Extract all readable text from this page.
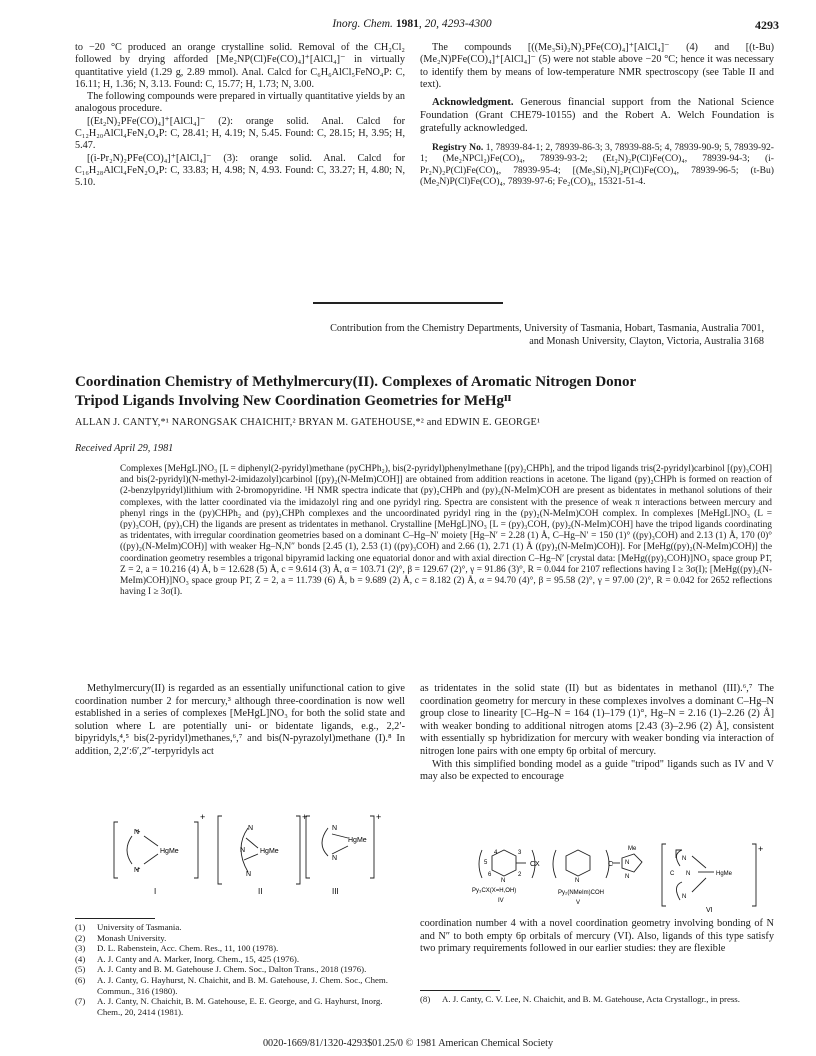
Inorg. Chem. 1981, 20, 4293-4300	4293

to −20 °C produced an orange crystalline solid. Removal of the CH₂Cl₂ followed by drying afforded [Me₂NP(Cl)Fe(CO)₄]⁺[AlCl₄]⁻ in virtually quantitative yield (1.29 g, 2.89 mmol). Anal. Calcd for C₆H₆AlCl₅FeNO₄P: C, 16.11; H, 1.36; N, 3.13. Found: C, 15.77; H, 1.73; N, 3.00.

The following compounds were prepared in virtually quantitative yields by an analogous procedure.

[(Et₂N)₂PFe(CO)₄]⁺[AlCl₄]⁻ (2): orange solid. Anal. Calcd for C₁₂H₂₀AlCl₄FeN₂O₄P: C, 28.41; H, 4.19; N, 5.45. Found: C, 28.15; H, 3.95; H, 5.47.

[(i-Pr₂N)₂PFe(CO)₄]⁺[AlCl₄]⁻ (3): orange solid. Anal. Calcd for C₁₆H₂₈AlCl₄FeN₂O₄P: C, 33.83; H, 4.98; N, 4.93. Found: C, 33.27; H, 4.80; N, 5.10.

The compounds [((Me₃Si)₂N)₂PFe(CO)₄]⁺[AlCl₄]⁻ (4) and [(t-Bu)(Me₂N)PFe(CO)₄]⁺[AlCl₄]⁻ (5) were not stable above −20 °C; hence it was necessary to identify them by means of low-temperature NMR spectroscopy (see Table II and text).

Acknowledgment. Generous financial support from the National Science Foundation (Grant CHE79-10155) and the Robert A. Welch Foundation is gratefully acknowledged.

Registry No. 1, 78939-84-1; 2, 78939-86-3; 3, 78939-88-5; 4, 78939-90-9; 5, 78939-92-1; (Me₂NPCl₂)Fe(CO)₄, 78939-93-2; (Et₂N)₂P(Cl)Fe(CO)₄, 78939-94-3; (i-Pr₂N)₂P(Cl)Fe(CO)₄, 78939-95-4; [(Me₃Si)₂N]₂P(Cl)Fe(CO)₄, 78939-96-5; (t-Bu)(Me₂N)P(Cl)Fe(CO)₄, 78939-97-6; Fe₂(CO)₉, 15321-51-4.

Contribution from the Chemistry Departments, University of Tasmania, Hobart, Tasmania, Australia 7001,
and Monash University, Clayton, Victoria, Australia 3168
Coordination Chemistry of Methylmercury(II). Complexes of Aromatic Nitrogen Donor
Tripod Ligands Involving New Coordination Geometries for MeHgᴵᴵ
ALLAN J. CANTY,*¹ NARONGSAK CHAICHIT,² BRYAN M. GATEHOUSE,*² and EDWIN E. GEORGE¹
Received April 29, 1981
Complexes [MeHgL]NO₃ [L = diphenyl(2-pyridyl)methane (pyCHPh₂), bis(2-pyridyl)phenylmethane [(py)₂CHPh], and the tripod ligands tris(2-pyridyl)carbinol [(py)₃COH] and bis(2-pyridyl)(N-methyl-2-imidazolyl)carbinol [(py)₂(N-MeIm)COH]] are obtained from addition reactions in acetone. The ligand (py)₂CHPh is formed on reaction of (2-benzylpyridyl)lithium with 2-bromopyridine. ¹H NMR spectra indicate that (py)₂CHPh and (py)₂(N-MeIm)COH are present as bidentates in methanol solutions of their complexes, with the latter coordinated via the imidazolyl ring and one pyridyl ring. Spectra are consistent with the presence of weak π interactions between mercury and phenyl rings in the (py)CHPh₂ and (py)₂CHPh complexes and the uncoordinated pyridyl ring in the (py)₂(N-MeIm)COH complex. In complexes [MeHgL]NO₃ (L = (py)₃COH, (py)₃CH) the ligands are present as tridentates in methanol. Crystalline [MeHgL]NO₃ [L = (py)₃COH, (py)₂(N-MeIm)COH] have the tripod ligands coordinating as tridentates, with irregular coordination geometries based on a dominant C–Hg–N′ moiety [Hg–N′ = 2.28 (1) Å, C–Hg–N′ = 150 (1)° ((py)₃COH) and 2.13 (1) Å, 170 (0)° ((py)₂(N-MeIm)COH)] with weaker Hg–N,N″ bonds [2.45 (1), 2.53 (1) ((py)₃COH) and 2.66 (1), 2.71 (1) Å ((py)₂(N-MeIm)COH)]. For [MeHg((py)₂(N-MeIm)COH)] the coordination geometry resembles a trigonal bipyramid lacking one equatorial donor and with axial direction C–Hg–N′ [crystal data: [MeHg((py)₃COH)]NO₃ space group P1̄, Z = 2, a = 10.216 (4) Å, b = 12.628 (5) Å, c = 9.614 (3) Å, α = 103.71 (2)°, β = 129.67 (2)°, γ = 91.86 (3)°, R = 0.044 for 2107 reflections having I ≥ 3σ(I); [MeHg((py)₂(N-MeIm)COH)]NO₃ space group P1̄, Z = 2, a = 11.739 (6) Å, b = 9.689 (2) Å, c = 8.182 (2) Å, α = 94.70 (4)°, β = 95.58 (2)°, γ = 97.00 (2)°, R = 0.042 for 2652 reflections having I ≥ 3σ(I).

Methylmercury(II) is regarded as an essentially unifunctional cation to give coordination number 2 for mercury,³ although three-coordination is now well established in a series of complexes [MeHgL]NO₃ for both the solid state and solution where L are potentially uni- or bidentate ligands, e.g., 2,2′-bipyridyls,⁴,⁵ bis(2-pyridyl)methanes,⁶,⁷ and bis(N-pyrazolyl)methane (I).⁸ In addition, 2,2′:6′,2″-terpyridyls act

N
N
HgMe
+
I
N
N
N
HgMe
+
II
N
N
HgMe
+
III
(1)	University of Tasmania.
(2)	Monash University.
(3)	D. L. Rabenstein, Acc. Chem. Res., 11, 100 (1978).
(4)	A. J. Canty and A. Marker, Inorg. Chem., 15, 425 (1976).
(5)	A. J. Canty and B. M. Gatehouse J. Chem. Soc., Dalton Trans., 2018 (1976).
(6)	A. J. Canty, G. Hayhurst, N. Chaichit, and B. M. Gatehouse, J. Chem. Soc., Chem. Commun., 316 (1980).
(7)	A. J. Canty, N. Chaichit, B. M. Gatehouse, E. E. George, and G. Hayhurst, Inorg. Chem., 20, 2414 (1981).

as tridentates in the solid state (II) but as bidentates in methanol (III).⁶,⁷ The coordination geometry for mercury in these complexes involves a dominant C–Hg–N group close to linearity [C–Hg–N = 164 (1)–179 (1)°, Hg–N = 2.16 (1)–2.26 (2) Å] with weaker bonding to additional nitrogen atoms [2.43 (3)–2.96 (2) Å], consistent with essentially sp hybridization for mercury with weaker bonding via interaction of nitrogen lone pairs with one empty 6p orbital of mercury.

With this simplified bonding model as a guide "tripod" ligands such as IV and V may also be expected to encourage

4
5
6
3
N
2
CX
Py₃CX(X=H,OH)
IV
N
C
Me
N
N
Py₂(NMeIm)COH
V
N
C N	HgMe
N
+
VI

coordination number 4 with a novel coordination geometry involving bonding of N and N″ to both empty 6p orbitals of mercury (VI). Also, ligands of this type satisfy two primary requirements followed in our earlier studies: they are flexible

(8)	A. J. Canty, C. V. Lee, N. Chaichit, and B. M. Gatehouse, Acta Crystallogr., in press.
0020-1669/81/1320-4293$01.25/0 © 1981 American Chemical Society
